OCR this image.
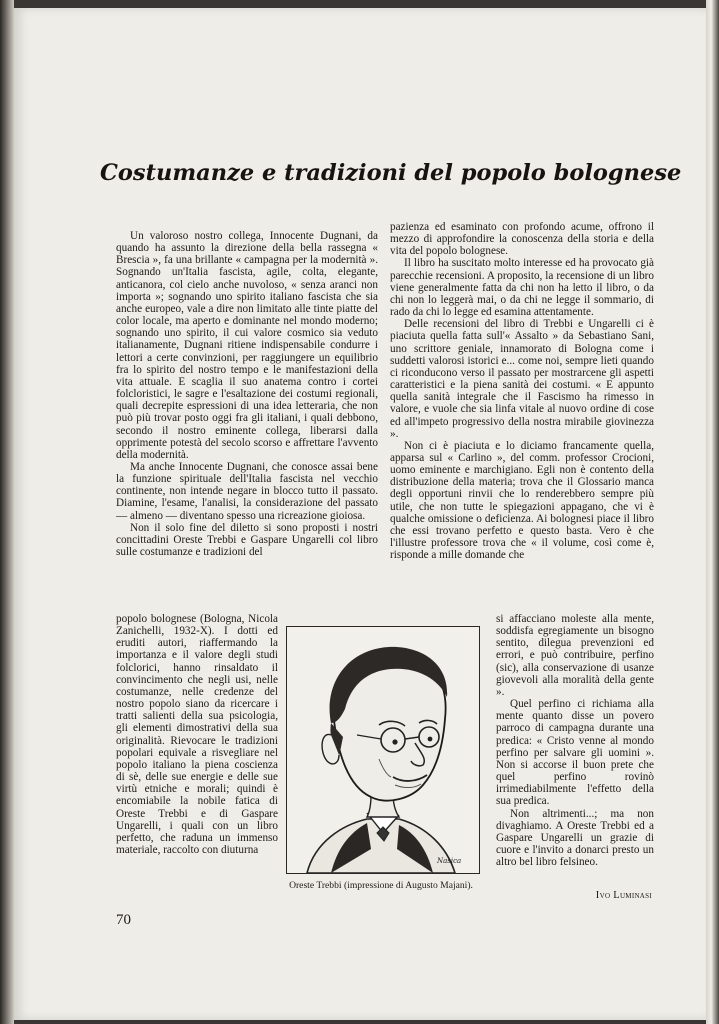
Costumanze e tradizioni del popolo bolognese

Un valoroso nostro collega, Innocente Dugnani, da quando ha assunto la direzione della bella rassegna « Brescia », fa una brillante « campagna per la modernità ». Sognando un'Italia fascista, agile, colta, elegante, anticanora, col cielo anche nuvoloso, « senza aranci non importa »; sognando uno spirito italiano fascista che sia anche europeo, vale a dire non limitato alle tinte piatte del color locale, ma aperto e dominante nel mondo moderno; sognando uno spirito, il cui valore cosmico sia veduto italianamente, Dugnani ritiene indispensabile condurre i lettori a certe convinzioni, per raggiungere un equilibrio fra lo spirito del nostro tempo e le manifestazioni della vita attuale. E scaglia il suo anatema contro i cortei folcloristici, le sagre e l'esaltazione dei costumi regionali, quali decrepite espressioni di una idea letteraria, che non può più trovar posto oggi fra gli italiani, i quali debbono, secondo il nostro eminente collega, liberarsi dalla opprimente potestà del secolo scorso e affrettare l'avvento della modernità.

Ma anche Innocente Dugnani, che conosce assai bene la funzione spirituale dell'Italia fascista nel vecchio continente, non intende negare in blocco tutto il passato. Diamine, l'esame, l'analisi, la considerazione del passato — almeno — diventano spesso una ricreazione gioiosa.

Non il solo fine del diletto si sono proposti i nostri concittadini Oreste Trebbi e Gaspare Ungarelli col libro sulle costumanze e tradizioni del

popolo bolognese (Bologna, Nicola Zanichelli, 1932-X). I dotti ed eruditi autori, riaffermando la importanza e il valore degli studi folclorici, hanno rinsaldato il convincimento che negli usi, nelle costumanze, nelle credenze del nostro popolo siano da ricercare i tratti salienti della sua psicologia, gli elementi dimostrativi della sua originalità. Rievocare le tradizioni popolari equivale a risvegliare nel popolo italiano la piena coscienza di sè, delle sue energie e delle sue virtù etniche e morali; quindi è encomiabile la nobile fatica di Oreste Trebbi e di Gaspare Ungarelli, i quali con un libro perfetto, che raduna un immenso materiale, raccolto con diuturna

pazienza ed esaminato con profondo acume, offrono il mezzo di approfondire la conoscenza della storia e della vita del popolo bolognese.

Il libro ha suscitato molto interesse ed ha provocato già parecchie recensioni. A proposito, la recensione di un libro viene generalmente fatta da chi non ha letto il libro, o da chi non lo leggerà mai, o da chi ne legge il sommario, di rado da chi lo legge ed esamina attentamente.

Delle recensioni del libro di Trebbi e Ungarelli ci è piaciuta quella fatta sull'« Assalto » da Sebastiano Sani, uno scrittore geniale, innamorato di Bologna come i suddetti valorosi istorici e... come noi, sempre lieti quando ci riconducono verso il passato per mostrarcene gli aspetti caratteristici e la piena sanità dei costumi. « E appunto quella sanità integrale che il Fascismo ha rimesso in valore, e vuole che sia linfa vitale al nuovo ordine di cose ed all'impeto progressivo della nostra mirabile giovinezza ».

Non ci è piaciuta e lo diciamo francamente quella, apparsa sul « Carlino », del comm. professor Crocioni, uomo eminente e marchigiano. Egli non è contento della distribuzione della materia; trova che il Glossario manca degli opportuni rinvii che lo renderebbero sempre più utile, che non tutte le spiegazioni appagano, che vi è qualche omissione o deficienza. Ai bolognesi piace il libro che essi trovano perfetto e questo basta. Vero è che l'illustre professore trova che « il volume, così come è, risponde a mille domande che

si affacciano moleste alla mente, soddisfa egregiamente un bisogno sentito, dilegua prevenzioni ed errori, e può contribuire, perfino (sic), alla conservazione di usanze giovevoli alla moralità della gente ».

Quel perfino ci richiama alla mente quanto disse un povero parroco di campagna durante una predica: « Cristo venne al mondo perfino per salvare gli uomini ». Non si accorse il buon prete che quel perfino rovinò irrimediabilmente l'effetto della sua predica.

Non altrimenti...; ma non divaghiamo. A Oreste Trebbi ed a Gaspare Ungarelli un grazie di cuore e l'invito a donarci presto un altro bel libro felsineo.

Nasica
Oreste Trebbi (impressione di Augusto Majani).
Ivo Luminasi
70
